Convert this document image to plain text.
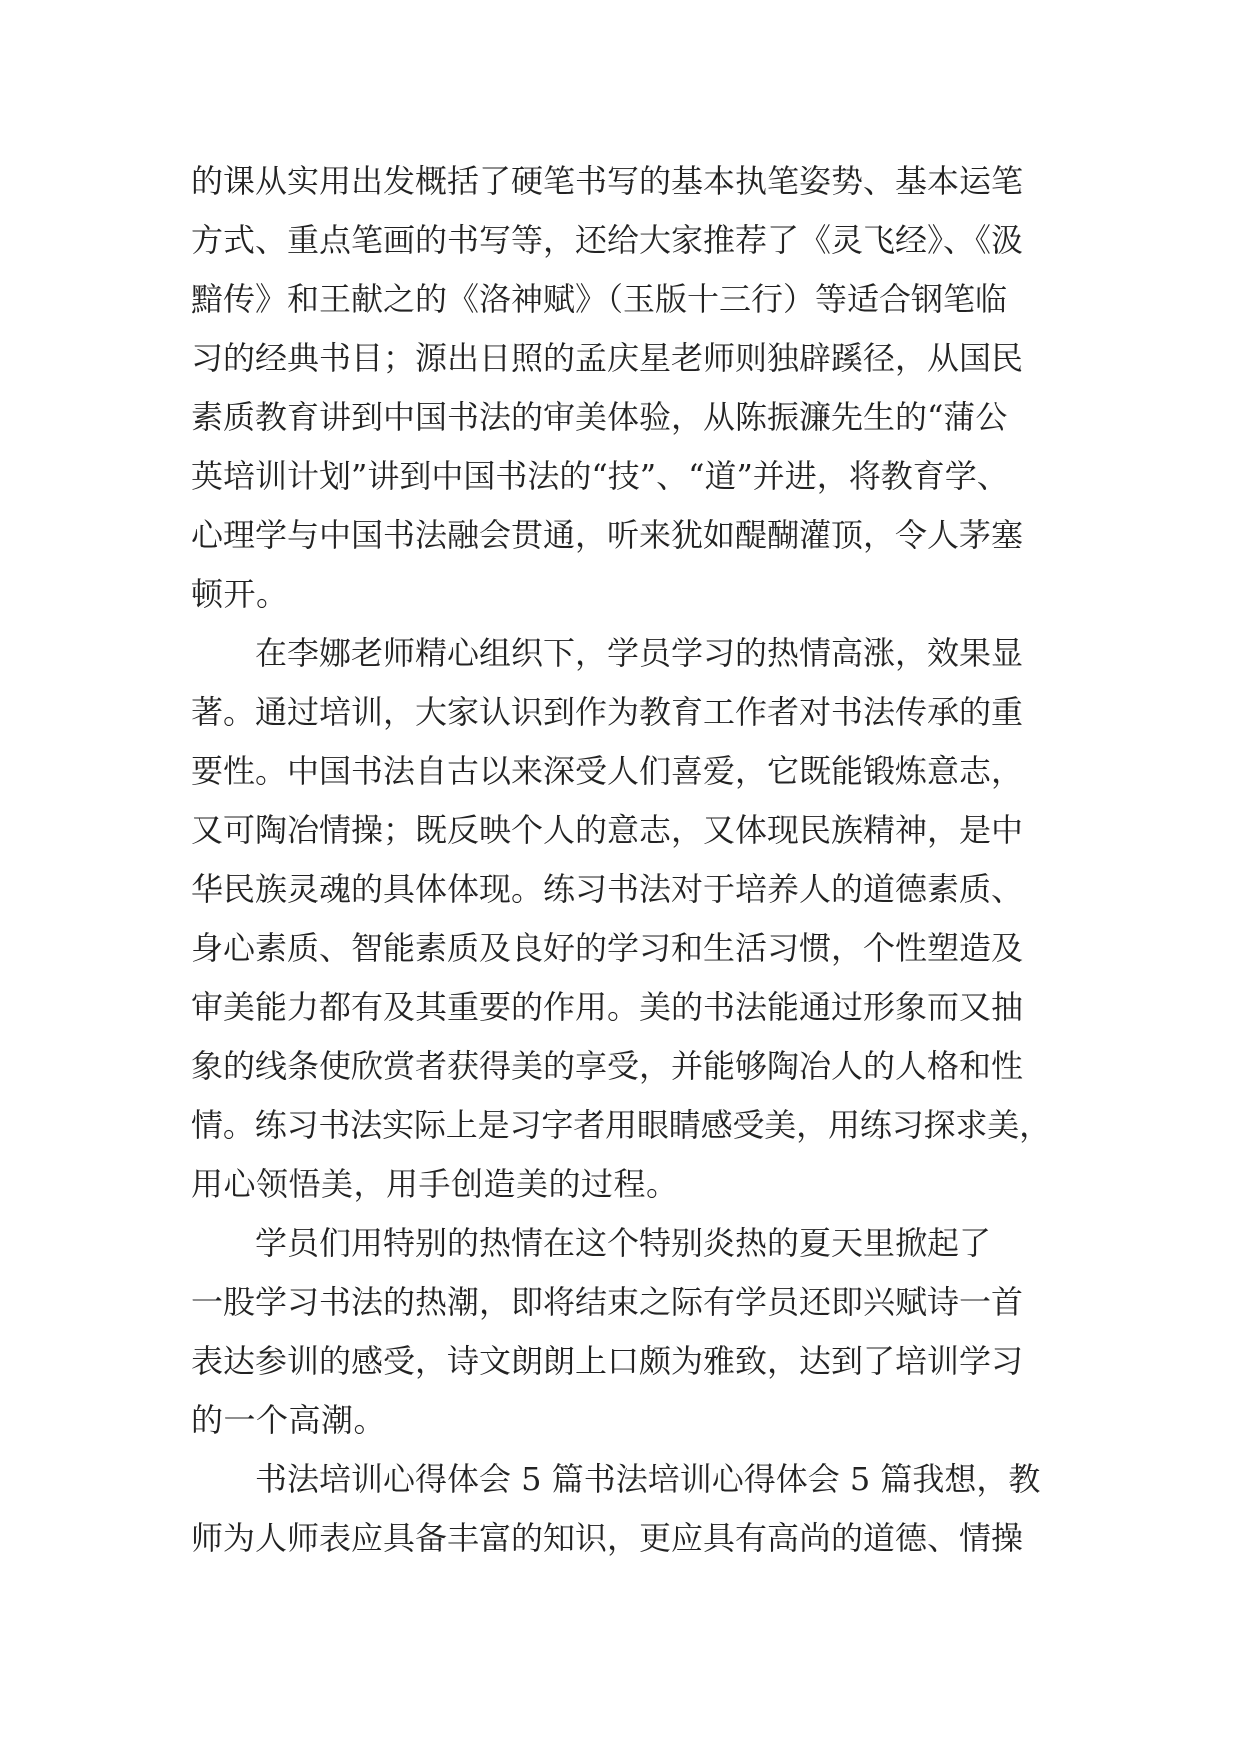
的课从实用出发概括了硬笔书写的基本执笔姿势、基本运笔
方式、重点笔画的书写等，还给大家推荐了《灵飞经》、《汲
黯传》和王献之的《洛神赋》（玉版十三行）等适合钢笔临
习的经典书目；源出日照的孟庆星老师则独辟蹊径，从国民
素质教育讲到中国书法的审美体验，从陈振濂先生的“蒲公
英培训计划”讲到中国书法的“技”、“道”并进，将教育学、
心理学与中国书法融会贯通，听来犹如醍醐灌顶，令人茅塞
顿开。
在李娜老师精心组织下，学员学习的热情高涨，效果显
著。通过培训，大家认识到作为教育工作者对书法传承的重
要性。中国书法自古以来深受人们喜爱，它既能锻炼意志，
又可陶冶情操；既反映个人的意志，又体现民族精神，是中
华民族灵魂的具体体现。练习书法对于培养人的道德素质、
身心素质、智能素质及良好的学习和生活习惯，个性塑造及
审美能力都有及其重要的作用。美的书法能通过形象而又抽
象的线条使欣赏者获得美的享受，并能够陶冶人的人格和性
情。练习书法实际上是习字者用眼睛感受美，用练习探求美，
用心领悟美，用手创造美的过程。
学员们用特别的热情在这个特别炎热的夏天里掀起了
一股学习书法的热潮，即将结束之际有学员还即兴赋诗一首
表达参训的感受，诗文朗朗上口颇为雅致，达到了培训学习
的一个高潮。
书法培训心得体会 5 篇书法培训心得体会 5 篇我想，教
师为人师表应具备丰富的知识，更应具有高尚的道德、情操
